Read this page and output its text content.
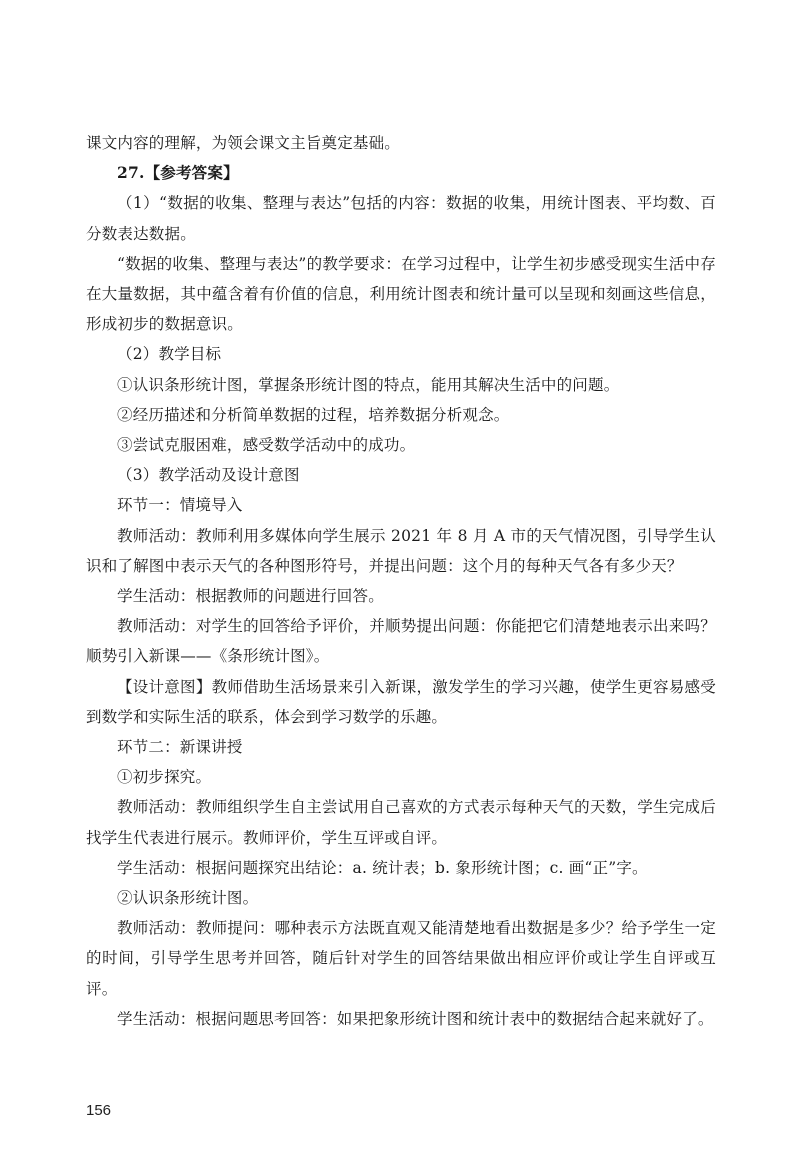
课文内容的理解，为领会课文主旨奠定基础。

27.【参考答案】

（1）“数据的收集、整理与表达”包括的内容：数据的收集，用统计图表、平均数、百分数表达数据。

“数据的收集、整理与表达”的教学要求：在学习过程中，让学生初步感受现实生活中存在大量数据，其中蕴含着有价值的信息，利用统计图表和统计量可以呈现和刻画这些信息，形成初步的数据意识。

（2）教学目标

①认识条形统计图，掌握条形统计图的特点，能用其解决生活中的问题。

②经历描述和分析简单数据的过程，培养数据分析观念。

③尝试克服困难，感受数学活动中的成功。

（3）教学活动及设计意图

环节一：情境导入

教师活动：教师利用多媒体向学生展示 2021 年 8 月 A 市的天气情况图，引导学生认识和了解图中表示天气的各种图形符号，并提出问题：这个月的每种天气各有多少天？

学生活动：根据教师的问题进行回答。

教师活动：对学生的回答给予评价，并顺势提出问题：你能把它们清楚地表示出来吗？顺势引入新课——《条形统计图》。

【设计意图】教师借助生活场景来引入新课，激发学生的学习兴趣，使学生更容易感受到数学和实际生活的联系，体会到学习数学的乐趣。

环节二：新课讲授

①初步探究。

教师活动：教师组织学生自主尝试用自己喜欢的方式表示每种天气的天数，学生完成后找学生代表进行展示。教师评价，学生互评或自评。

学生活动：根据问题探究出结论：a. 统计表；b. 象形统计图；c. 画“正”字。

②认识条形统计图。

教师活动：教师提问：哪种表示方法既直观又能清楚地看出数据是多少？给予学生一定的时间，引导学生思考并回答，随后针对学生的回答结果做出相应评价或让学生自评或互评。

学生活动：根据问题思考回答：如果把象形统计图和统计表中的数据结合起来就好了。

156
